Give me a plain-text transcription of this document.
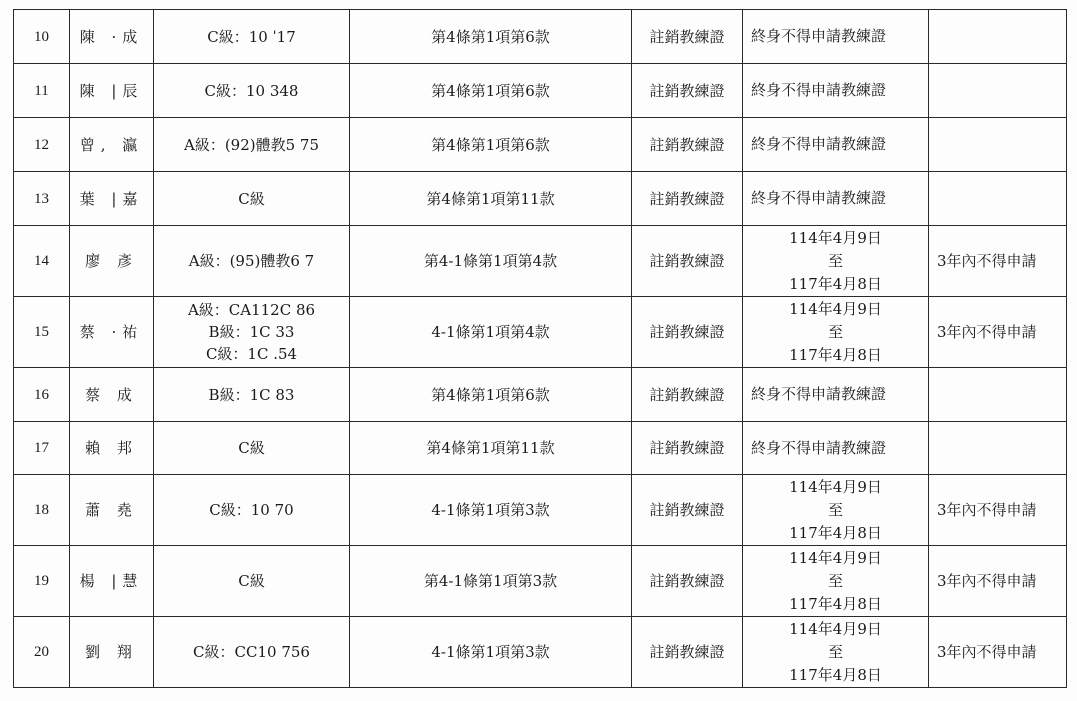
10	陳 ·成	C級：10 ˈ17	第4條第1項第6款	註銷教練證	終身不得申請教練證	

11	陳 |辰	C級：10 348	第4條第1項第6款	註銷教練證	終身不得申請教練證	

12	曾, 瀛	A級：(92)體教5 75	第4條第1項第6款	註銷教練證	終身不得申請教練證	

13	葉 |嘉	C級	第4條第1項第11款	註銷教練證	終身不得申請教練證	

14	廖 彥	A級：(95)體教6 7	第4-1條第1項第4款	註銷教練證	114年4月9日
至
117年4月8日	3年內不得申請
15	蔡 ·祐	A級：CA112C 86
B級：1C 33
C級：1C .54	4-1條第1項第4款	註銷教練證	114年4月9日
至
117年4月8日	3年內不得申請
16	蔡 成	B級：1C 83	第4條第1項第6款	註銷教練證	終身不得申請教練證	

17	賴 邦	C級	第4條第1項第11款	註銷教練證	終身不得申請教練證	

18	蕭 堯	C級：10 70	4-1條第1項第3款	註銷教練證	114年4月9日
至
117年4月8日	3年內不得申請
19	楊 |慧	C級	第4-1條第1項第3款	註銷教練證	114年4月9日
至
117年4月8日	3年內不得申請
20	劉 翔	C級：CC10 756	4-1條第1項第3款	註銷教練證	114年4月9日
至
117年4月8日	3年內不得申請
